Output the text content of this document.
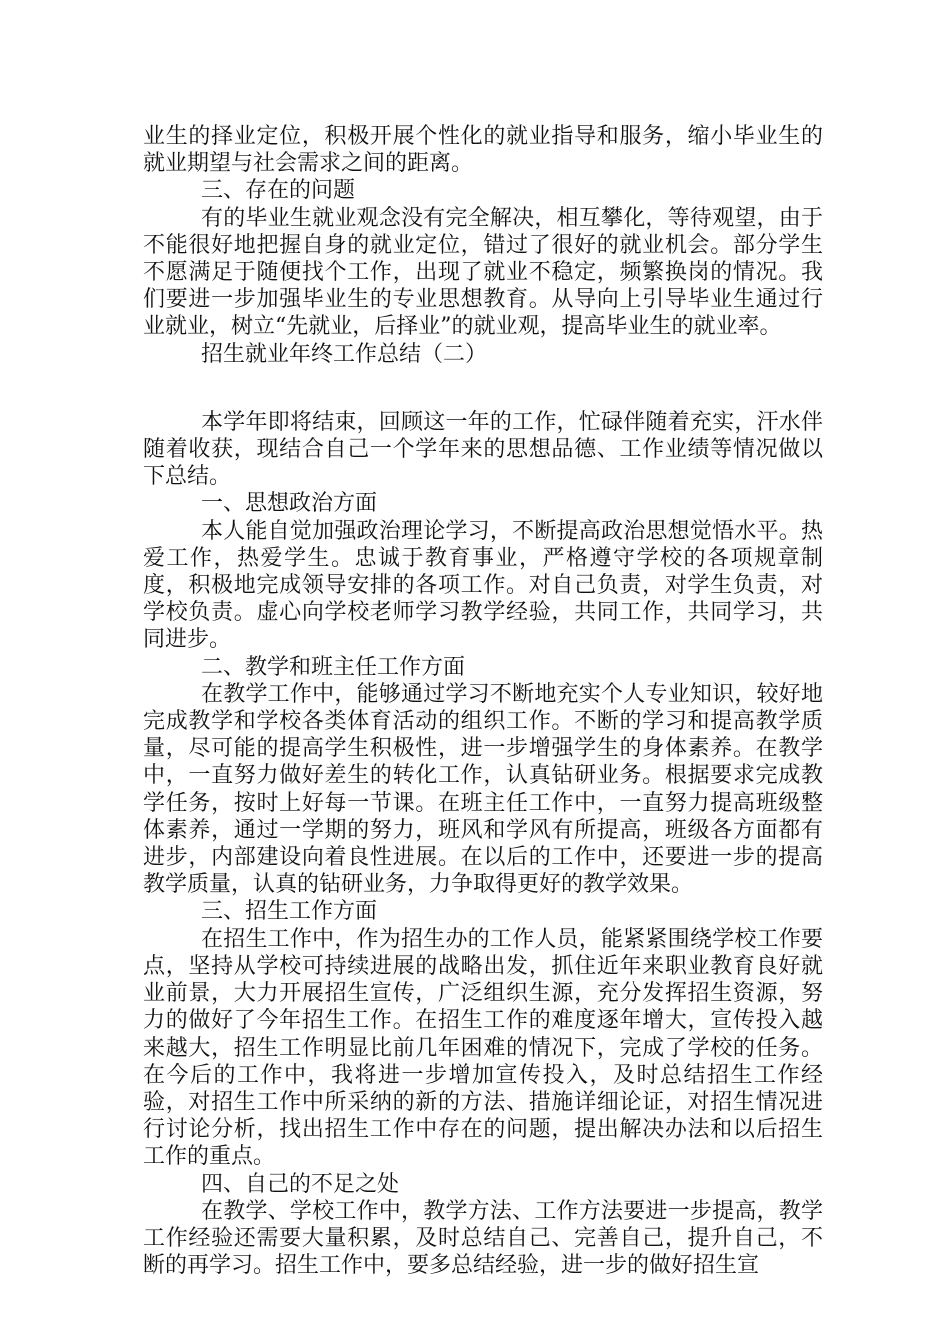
业生的择业定位，积极开展个性化的就业指导和服务，缩小毕业生的就业期望与社会需求之间的距离。

三、存在的问题

有的毕业生就业观念没有完全解决，相互攀化，等待观望，由于不能很好地把握自身的就业定位，错过了很好的就业机会。部分学生不愿满足于随便找个工作，出现了就业不稳定，频繁换岗的情况。我们要进一步加强毕业生的专业思想教育。从导向上引导毕业生通过行业就业，树立“先就业，后择业”的就业观，提高毕业生的就业率。

招生就业年终工作总结（二）

本学年即将结束，回顾这一年的工作，忙碌伴随着充实，汗水伴随着收获，现结合自己一个学年来的思想品德、工作业绩等情况做以下总结。

一、思想政治方面

本人能自觉加强政治理论学习，不断提高政治思想觉悟水平。热爱工作，热爱学生。忠诚于教育事业，严格遵守学校的各项规章制度，积极地完成领导安排的各项工作。对自己负责，对学生负责，对学校负责。虚心向学校老师学习教学经验，共同工作，共同学习，共同进步。

二、教学和班主任工作方面

在教学工作中，能够通过学习不断地充实个人专业知识，较好地完成教学和学校各类体育活动的组织工作。不断的学习和提高教学质量，尽可能的提高学生积极性，进一步增强学生的身体素养。在教学中，一直努力做好差生的转化工作，认真钻研业务。根据要求完成教学任务，按时上好每一节课。在班主任工作中，一直努力提高班级整体素养，通过一学期的努力，班风和学风有所提高，班级各方面都有进步，内部建设向着良性进展。在以后的工作中，还要进一步的提高教学质量，认真的钻研业务，力争取得更好的教学效果。

三、招生工作方面

在招生工作中，作为招生办的工作人员，能紧紧围绕学校工作要点，坚持从学校可持续进展的战略出发，抓住近年来职业教育良好就业前景，大力开展招生宣传，广泛组织生源，充分发挥招生资源，努力的做好了今年招生工作。在招生工作的难度逐年增大，宣传投入越来越大，招生工作明显比前几年困难的情况下，完成了学校的任务。在今后的工作中，我将进一步增加宣传投入，及时总结招生工作经验，对招生工作中所采纳的新的方法、措施详细论证，对招生情况进行讨论分析，找出招生工作中存在的问题，提出解决办法和以后招生工作的重点。

四、自己的不足之处

在教学、学校工作中，教学方法、工作方法要进一步提高，教学工作经验还需要大量积累，及时总结自己、完善自己，提升自己，不断的再学习。招生工作中，要多总结经验，进一步的做好招生宣
